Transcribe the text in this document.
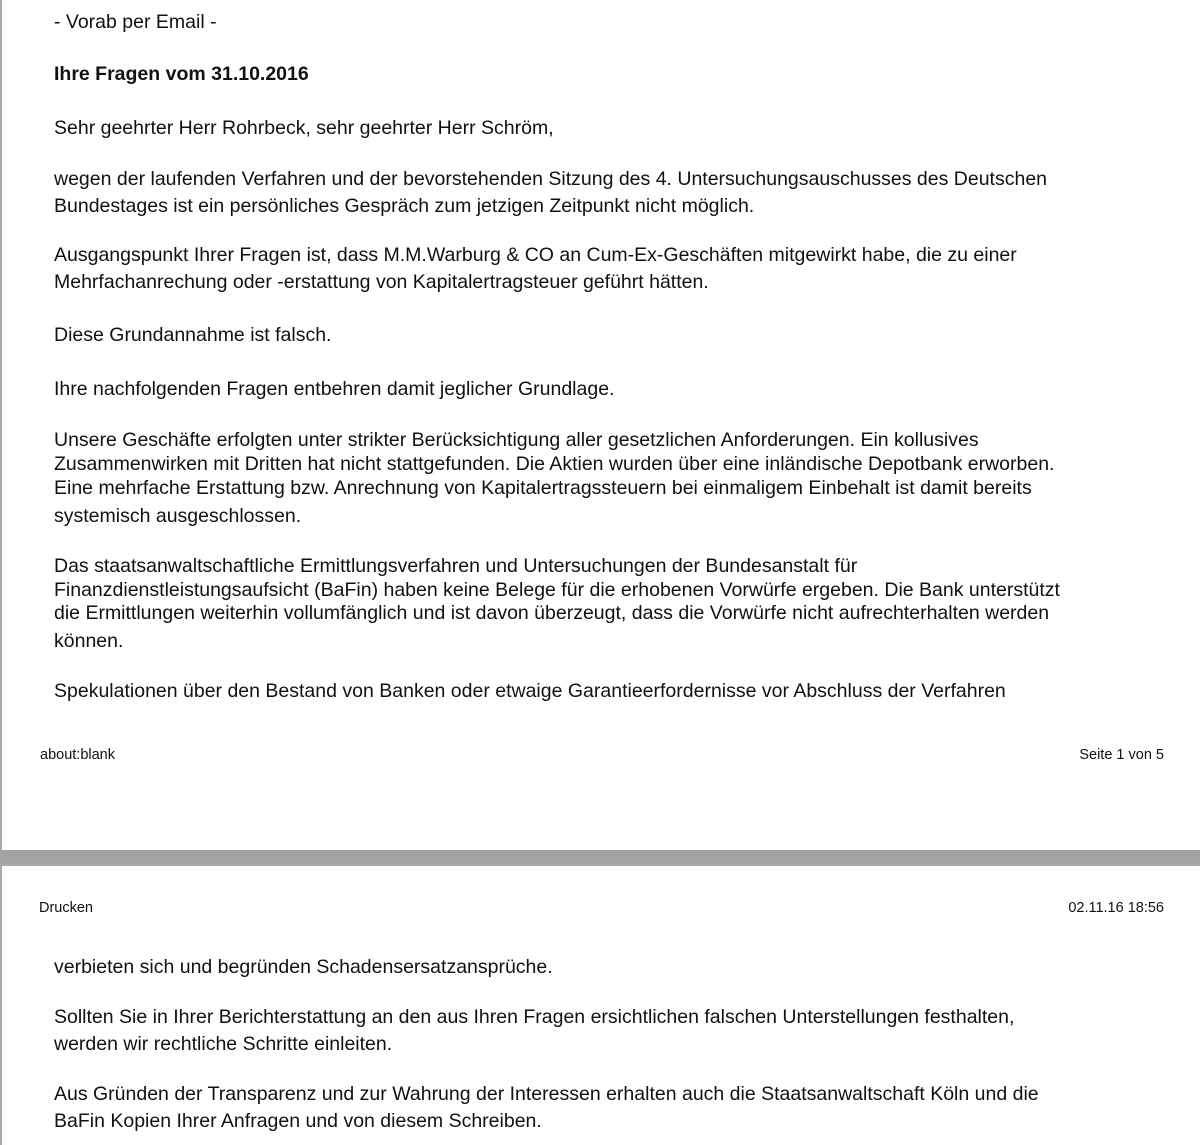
- Vorab per Email -
Ihre Fragen vom 31.10.2016
Sehr geehrter Herr Rohrbeck, sehr geehrter Herr Schröm,
wegen der laufenden Verfahren und der bevorstehenden Sitzung des 4. Untersuchungsauschusses des Deutschen
Bundestages ist ein persönliches Gespräch zum jetzigen Zeitpunkt nicht möglich.
Ausgangspunkt Ihrer Fragen ist, dass M.M.Warburg & CO an Cum-Ex-Geschäften mitgewirkt habe, die zu einer
Mehrfachanrechung oder -erstattung von Kapitalertragsteuer geführt hätten.
Diese Grundannahme ist falsch.
Ihre nachfolgenden Fragen entbehren damit jeglicher Grundlage.
Unsere Geschäfte erfolgten unter strikter Berücksichtigung aller gesetzlichen Anforderungen. Ein kollusives
Zusammenwirken mit Dritten hat nicht stattgefunden. Die Aktien wurden über eine inländische Depotbank erworben.
Eine mehrfache Erstattung bzw. Anrechnung von Kapitalertragssteuern bei einmaligem Einbehalt ist damit bereits
systemisch ausgeschlossen.
Das staatsanwaltschaftliche Ermittlungsverfahren und Untersuchungen der Bundesanstalt für
Finanzdienstleistungsaufsicht (BaFin) haben keine Belege für die erhobenen Vorwürfe ergeben. Die Bank unterstützt
die Ermittlungen weiterhin vollumfänglich und ist davon überzeugt, dass die Vorwürfe nicht aufrechterhalten werden
können.
Spekulationen über den Bestand von Banken oder etwaige Garantieerfordernisse vor Abschluss der Verfahren
about:blank	Seite 1 von 5
Drucken	02.11.16 18:56
verbieten sich und begründen Schadensersatzansprüche.
Sollten Sie in Ihrer Berichterstattung an den aus Ihren Fragen ersichtlichen falschen Unterstellungen festhalten,
werden wir rechtliche Schritte einleiten.
Aus Gründen der Transparenz und zur Wahrung der Interessen erhalten auch die Staatsanwaltschaft Köln und die
BaFin Kopien Ihrer Anfragen und von diesem Schreiben.
